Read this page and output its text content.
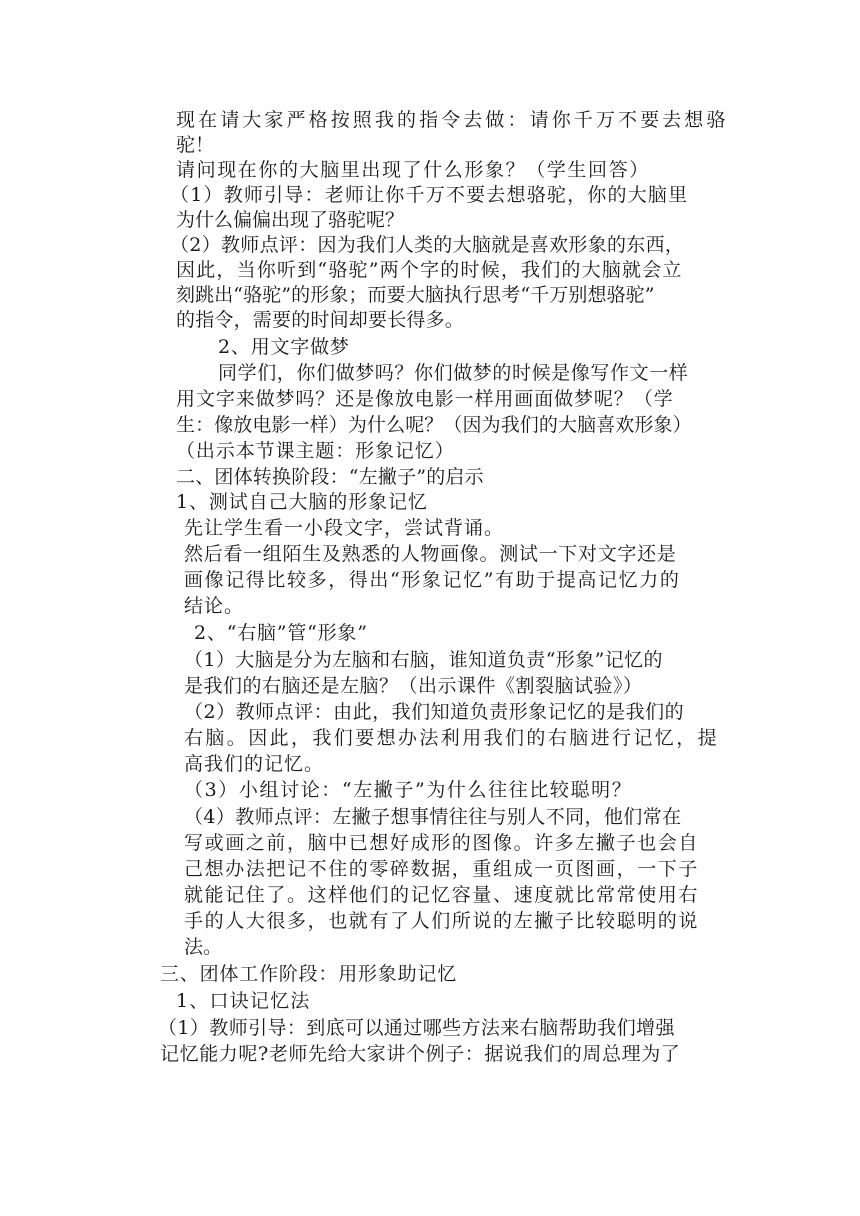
现在请大家严格按照我的指令去做：请你千万不要去想骆

驼！

请问现在你的大脑里出现了什么形象？（学生回答）

（1）教师引导：老师让你千万不要去想骆驼，你的大脑里

为什么偏偏出现了骆驼呢？

（2）教师点评：因为我们人类的大脑就是喜欢形象的东西，

因此，当你听到“骆驼”两个字的时候，我们的大脑就会立

刻跳出“骆驼”的形象；而要大脑执行思考“千万别想骆驼”

的指令，需要的时间却要长得多。

2、用文字做梦

同学们，你们做梦吗？你们做梦的时候是像写作文一样

用文字来做梦吗？还是像放电影一样用画面做梦呢？（学

生：像放电影一样）为什么呢？（因为我们的大脑喜欢形象）

（出示本节课主题：形象记忆）

二、团体转换阶段：“左撇子”的启示

1、测试自己大脑的形象记忆

先让学生看一小段文字，尝试背诵。

然后看一组陌生及熟悉的人物画像。测试一下对文字还是

画像记得比较多，得出“形象记忆”有助于提高记忆力的

结论。

2、“右脑”管“形象”

（1）大脑是分为左脑和右脑，谁知道负责“形象”记忆的

是我们的右脑还是左脑？（出示课件《割裂脑试验》）

（2）教师点评：由此，我们知道负责形象记忆的是我们的

右脑。因此，我们要想办法利用我们的右脑进行记忆，提

高我们的记忆。

（3）小组讨论：“左撇子”为什么往往比较聪明？

（4）教师点评：左撇子想事情往往与别人不同，他们常在

写或画之前，脑中已想好成形的图像。许多左撇子也会自

己想办法把记不住的零碎数据，重组成一页图画，一下子

就能记住了。这样他们的记忆容量、速度就比常常使用右

手的人大很多，也就有了人们所说的左撇子比较聪明的说

法。

三、团体工作阶段：用形象助记忆

1、口诀记忆法

（1）教师引导：到底可以通过哪些方法来右脑帮助我们增强

记忆能力呢?老师先给大家讲个例子：据说我们的周总理为了
